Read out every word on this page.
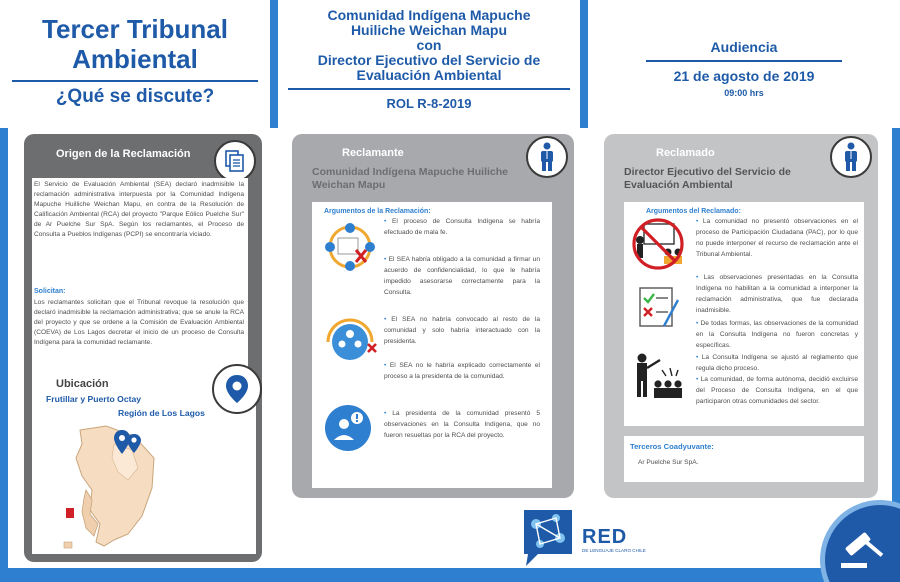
Tercer Tribunal Ambiental
¿Qué se discute?
Comunidad Indígena Mapuche
Huiliche Weichan Mapu
con
Director Ejecutivo del Servicio de
Evaluación Ambiental
ROL R-8-2019
Audiencia
21 de agosto de 2019
09:00 hrs
Origen de la Reclamación
El Servicio de Evaluación Ambiental (SEA) declaró inadmisible la reclamación administrativa interpuesta por la Comunidad Indígena Mapuche Huilliche Weichan Mapu, en contra de la Resolución de Calificación Ambiental (RCA) del proyecto "Parque Eólico Puelche Sur" de Ar Puelche Sur SpA. Según los reclamantes, el Proceso de Consulta a Pueblos Indígenas (PCPI) se encontraría viciado.
Solicitan:
Los reclamantes solicitan que el Tribunal revoque la resolución que declaró inadmisible la reclamación administrativa; que se anule la RCA del proyecto y que se ordene a la Comisión de Evaluación Ambiental (COEVA) de Los Lagos decretar el inicio de un proceso de Consulta Indígena para la comunidad reclamante.
Ubicación
Frutillar y Puerto Octay
Región de Los Lagos
Reclamante
Comunidad Indígena Mapuche Huiliche Weichan Mapu
Argumentos de la Reclamación:
• El proceso de Consulta Indígena se habría efectuado de mala fe.
• El SEA habría obligado a la comunidad a firmar un acuerdo de confidencialidad, lo que le habría impedido asesorarse correctamente para la Consulta.
• El SEA no habría convocado al resto de la comunidad y solo habría interactuado con la presidenta.
• El SEA no le habría explicado correctamente el proceso a la presidenta de la comunidad.
• La presidenta de la comunidad presentó 5 observaciones en la Consulta Indígena, que no fueron resueltas por la RCA del proyecto.
Reclamado
Director Ejecutivo del Servicio de Evaluación Ambiental
Argumentos del Reclamado:
• La comunidad no presentó observaciones en el proceso de Participación Ciudadana (PAC), por lo que no puede interponer el recurso de reclamación ante el Tribunal Ambiental.
• Las observaciones presentadas en la Consulta Indígena no habilitan a la comunidad a interponer la reclamación administrativa, que fue declarada inadmisible.
• De todas formas, las observaciones de la comunidad en la Consulta Indígena no fueron concretas y específicas.
• La Consulta Indígena se ajustó al reglamento que regula dicho proceso.
• La comunidad, de forma autónoma, decidió excluirse del Proceso de Consulta Indígena, en el que participaron otras comunidades del sector.
Terceros Coadyuvante:
Ar Puelche Sur SpA.
RED
DE LENGUAJE CLARO CHILE
